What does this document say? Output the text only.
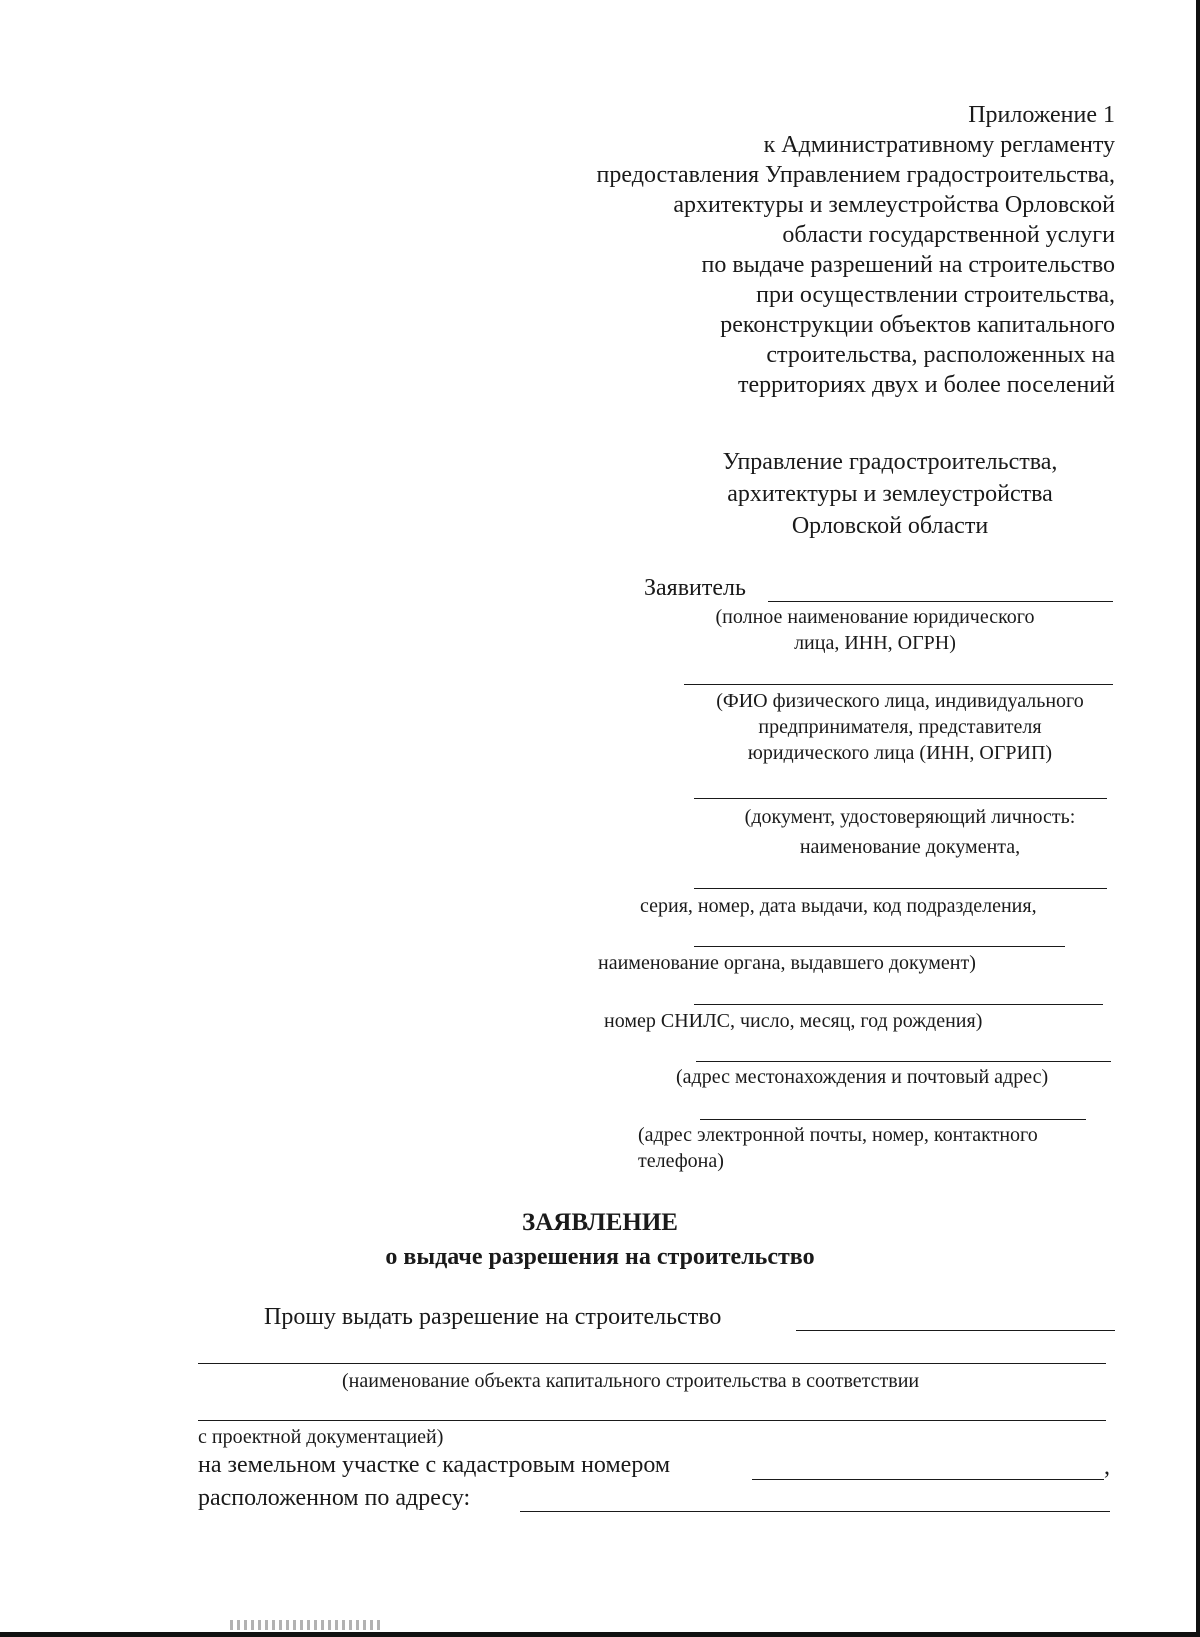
Приложение 1
к Административному регламенту
предоставления Управлением градостроительства,
архитектуры и землеустройства Орловской
области государственной услуги
по выдаче разрешений на строительство
при осуществлении строительства,
реконструкции объектов капитального
строительства, расположенных на
территориях двух и более поселений
Управление градостроительства,
архитектуры и землеустройства
Орловской области
Заявитель
(полное наименование юридического
лица, ИНН, ОГРН)
(ФИО физического лица, индивидуального
предпринимателя, представителя
юридического лица (ИНН, ОГРИП)
(документ, удостоверяющий личность:
наименование документа,
серия, номер, дата выдачи, код подразделения,
наименование органа, выдавшего документ)
номер СНИЛС, число, месяц, год рождения)
(адрес местонахождения и почтовый адрес)
(адрес электронной почты, номер, контактного
телефона)
ЗАЯВЛЕНИЕ
о выдаче разрешения на строительство
Прошу выдать разрешение на строительство
(наименование объекта капитального строительства в соответствии
с проектной документацией)
на земельном участке с кадастровым номером	,
расположенном по адресу:
